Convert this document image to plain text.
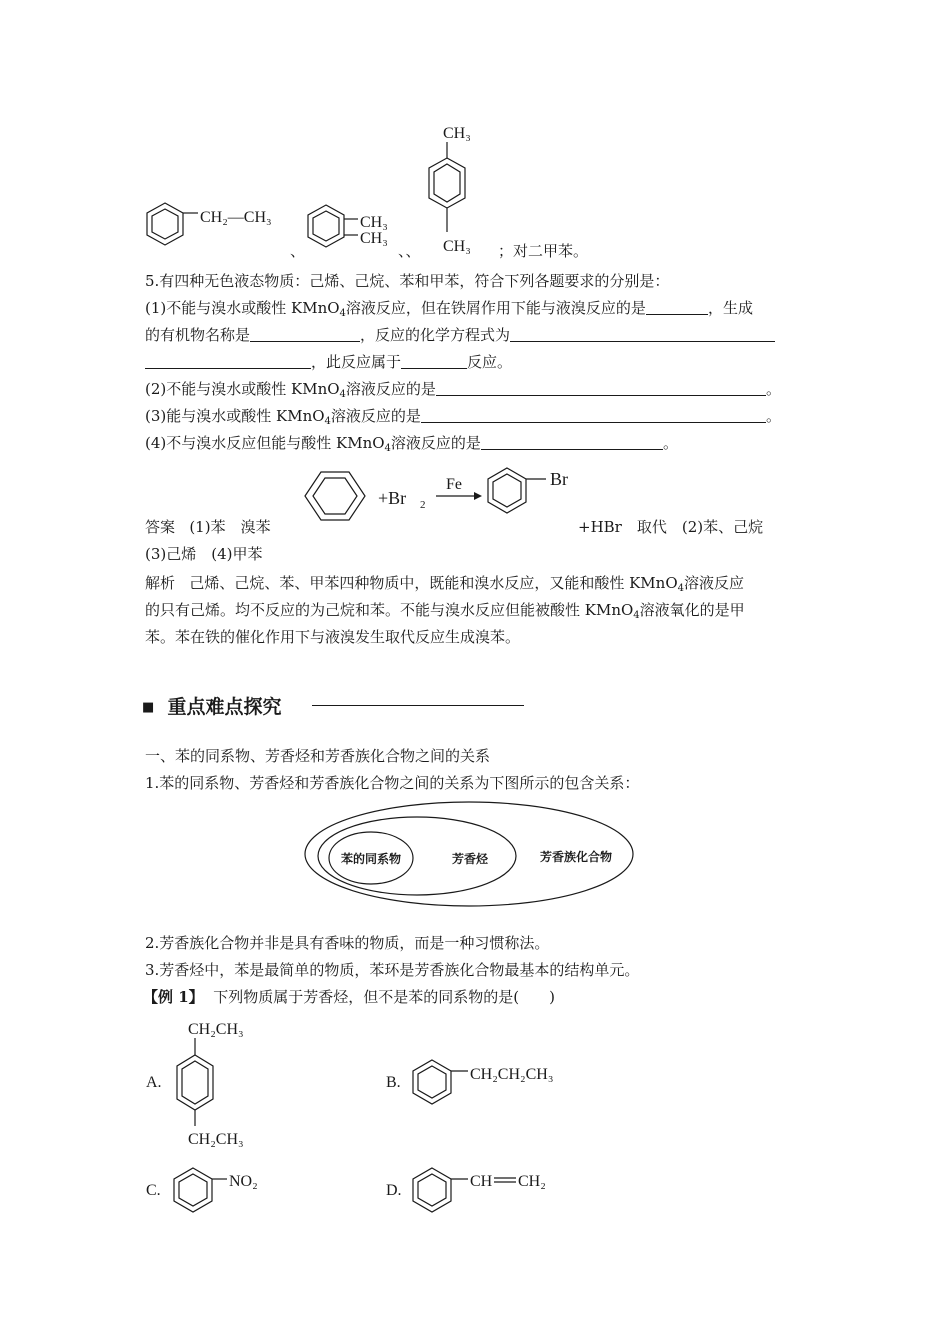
CH₂—CH₃	CH₃
CH₃
CH₃
CH₃
、	、、	；对二甲苯。
5.有四种无色液态物质：己烯、己烷、苯和甲苯，符合下列各题要求的分别是：
(1)不能与溴水或酸性 KMnO$_4$溶液反应，但在铁屑作用下能与液溴反应的是	，生成
的有机物名称是	，反应的化学方程式为
，此反应属于	反应。
(2)不能与溴水或酸性 KMnO$_4$溶液反应的是	。
(3)能与溴水或酸性 KMnO$_4$溶液反应的是	。
(4)不与溴水反应但能与酸性 KMnO$_4$溶液反应的是	。
+Br 2
Fe	Br
答案 (1)苯　溴苯	+HBr　取代　(2)苯、己烷
(3)己烯　(4)甲苯
解析 己烯、己烷、苯、甲苯四种物质中，既能和溴水反应，又能和酸性 KMnO$_4$溶液反应
的只有己烯。均不反应的为己烷和苯。不能与溴水反应但能被酸性 KMnO$_4$溶液氧化的是甲
苯。苯在铁的催化作用下与液溴发生取代反应生成溴苯。
■ 重点难点探究
一、苯的同系物、芳香烃和芳香族化合物之间的关系
1.苯的同系物、芳香烃和芳香族化合物之间的关系为下图所示的包含关系：
苯的同系物	芳香烃	芳香族化合物
2.芳香族化合物并非是具有香味的物质，而是一种习惯称法。
3.芳香烃中，苯是最简单的物质，苯环是芳香族化合物最基本的结构单元。
【例 1】 下列物质属于芳香烃，但不是苯的同系物的是(　　)
A.
CH₂CH₃
CH₂CH₃
B.	CH₂CH₂CH₃
C.
NO₂
D.
CH CH₂
